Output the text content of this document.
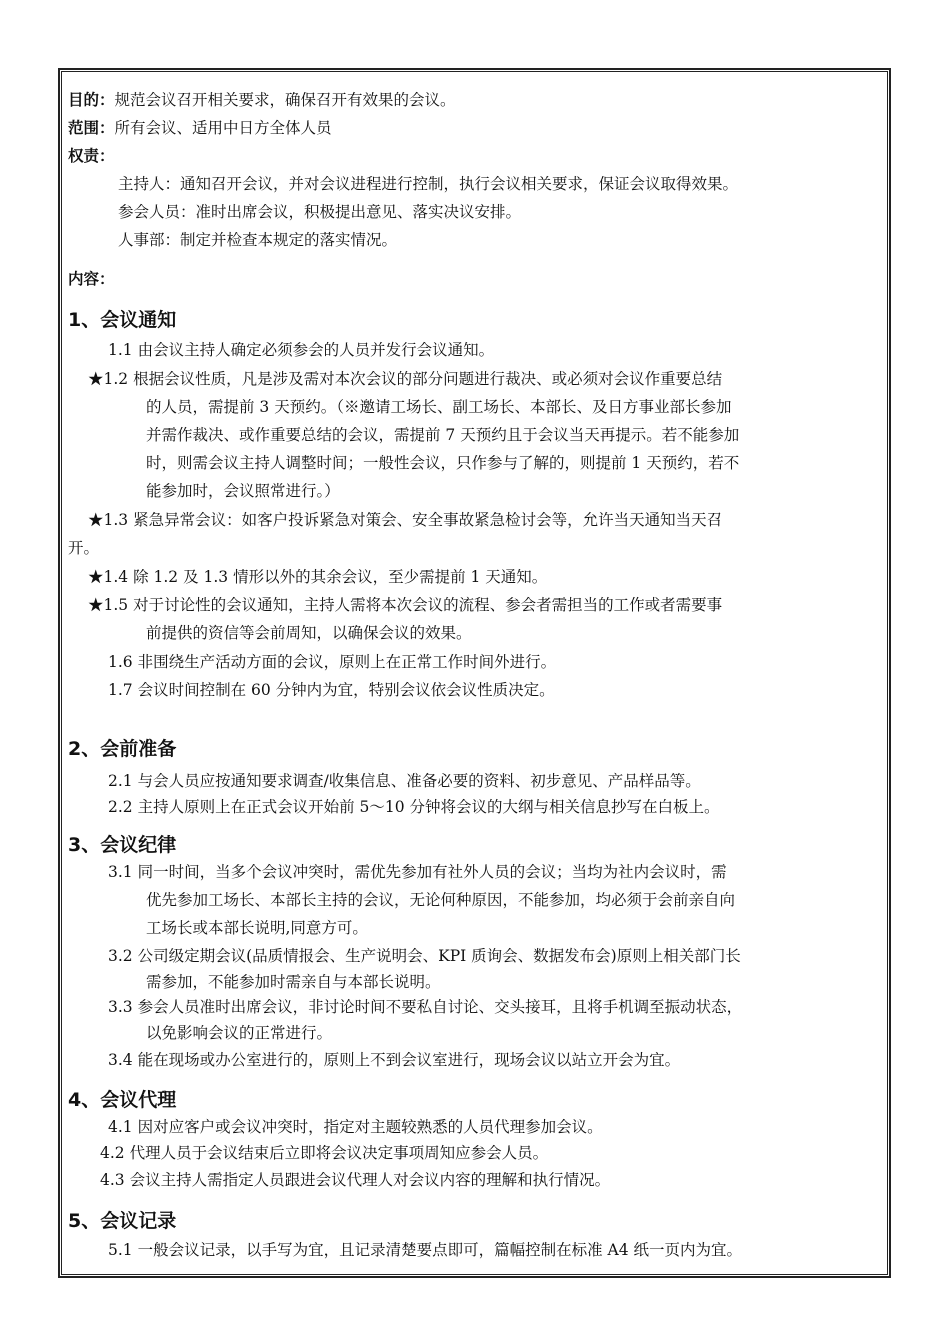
目的：规范会议召开相关要求，确保召开有效果的会议。
范围：所有会议、适用中日方全体人员
权责：
主持人：通知召开会议，并对会议进程进行控制，执行会议相关要求，保证会议取得效果。
参会人员：准时出席会议，积极提出意见、落实决议安排。
人事部：制定并检查本规定的落实情况。
内容：
1、会议通知
1.1 由会议主持人确定必须参会的人员并发行会议通知。
★1.2 根据会议性质，凡是涉及需对本次会议的部分问题进行裁决、或必须对会议作重要总结
的人员，需提前 3 天预约。（※邀请工场长、副工场长、本部长、及日方事业部长参加
并需作裁决、或作重要总结的会议，需提前 7 天预约且于会议当天再提示。若不能参加
时，则需会议主持人调整时间；一般性会议，只作参与了解的，则提前 1 天预约，若不
能参加时，会议照常进行。）
★1.3 紧急异常会议：如客户投诉紧急对策会、安全事故紧急检讨会等，允许当天通知当天召
开。
★1.4 除 1.2 及 1.3 情形以外的其余会议，至少需提前 1 天通知。
★1.5 对于讨论性的会议通知，主持人需将本次会议的流程、参会者需担当的工作或者需要事
前提供的资信等会前周知，以确保会议的效果。
1.6 非围绕生产活动方面的会议，原则上在正常工作时间外进行。
1.7 会议时间控制在 60 分钟内为宜，特别会议依会议性质决定。
2、会前准备
2.1 与会人员应按通知要求调查/收集信息、准备必要的资料、初步意见、产品样品等。
2.2 主持人原则上在正式会议开始前 5～10 分钟将会议的大纲与相关信息抄写在白板上。
3、会议纪律
3.1 同一时间，当多个会议冲突时，需优先参加有社外人员的会议；当均为社内会议时，需
优先参加工场长、本部长主持的会议，无论何种原因，不能参加，均必须于会前亲自向
工场长或本部长说明,同意方可。
3.2 公司级定期会议(品质情报会、生产说明会、KPI 质询会、数据发布会)原则上相关部门长
需参加，不能参加时需亲自与本部长说明。
3.3 参会人员准时出席会议，非讨论时间不要私自讨论、交头接耳，且将手机调至振动状态，
以免影响会议的正常进行。
3.4 能在现场或办公室进行的，原则上不到会议室进行，现场会议以站立开会为宜。
4、会议代理
4.1 因对应客户或会议冲突时，指定对主题较熟悉的人员代理参加会议。
4.2 代理人员于会议结束后立即将会议决定事项周知应参会人员。
4.3 会议主持人需指定人员跟进会议代理人对会议内容的理解和执行情况。
5、会议记录
5.1 一般会议记录，以手写为宜，且记录清楚要点即可，篇幅控制在标准 A4 纸一页内为宜。
